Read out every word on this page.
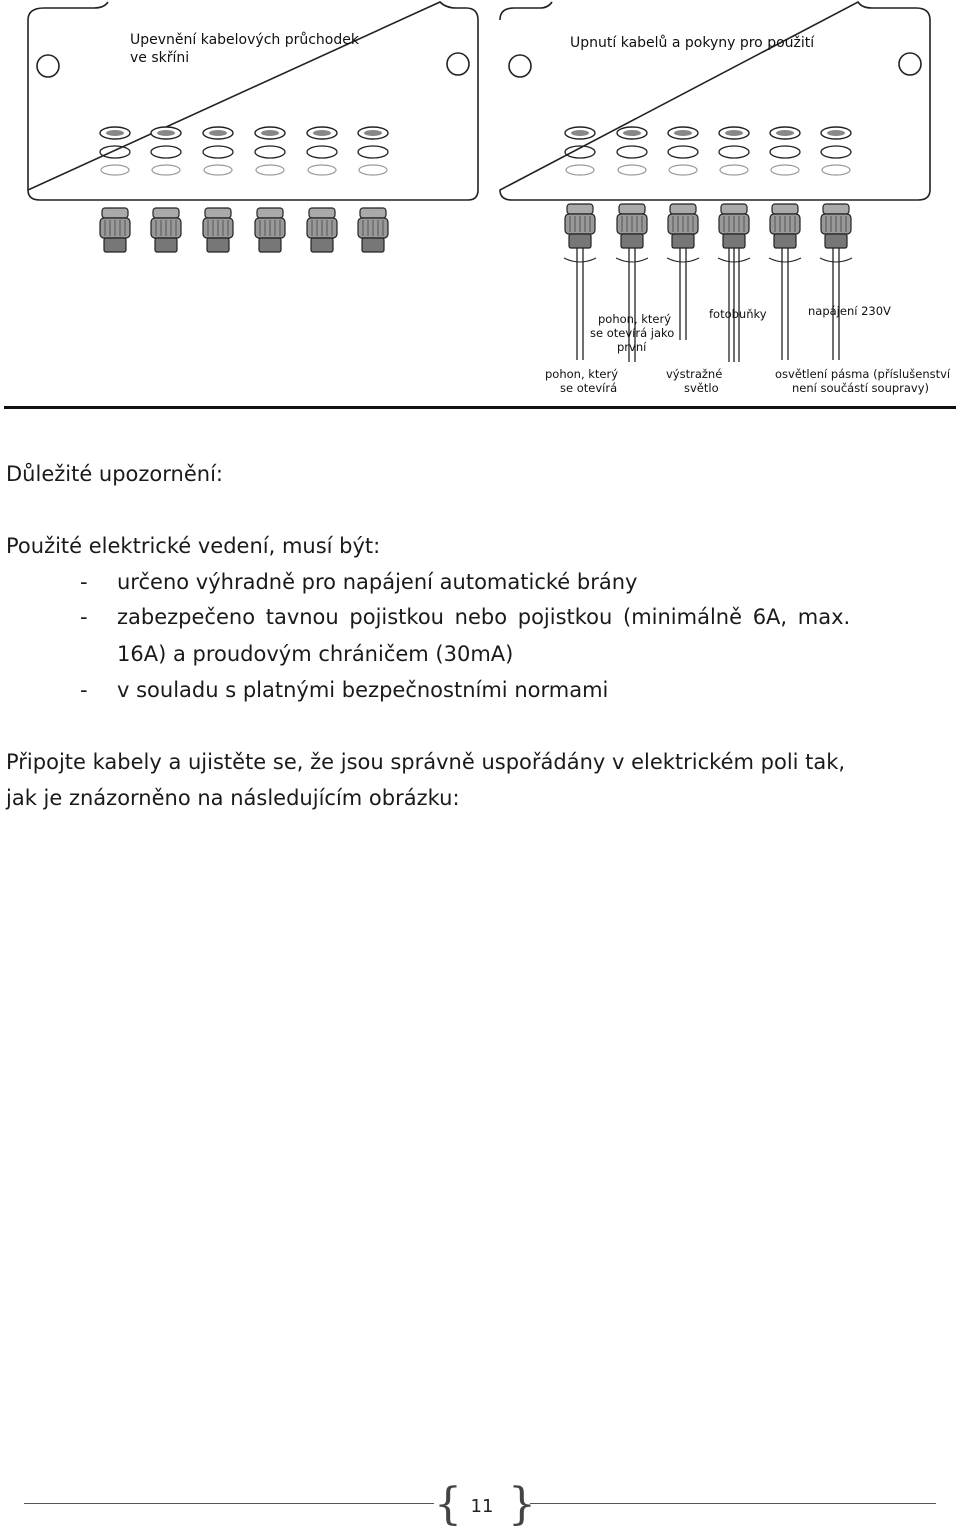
Upevnění kabelových průchodek
ve skříni
Upnutí kabelů a pokyny pro použití
pohon, který
se otevírá jako
první
fotobuňky	napájení 230V
pohon, který
se otevírá
výstražné
světlo
osvětlení pásma (příslušenství
není součástí soupravy)
Důležité upozornění:
Použité elektrické vedení, musí být:
- určeno výhradně pro napájení automatické brány
- zabezpečeno tavnou pojistkou nebo pojistkou (minimálně 6A, max.
16A) a proudovým chráničem (30mA)
- v souladu s platnými bezpečnostními normami
Připojte kabely a ujistěte se, že jsou správně uspořádány v elektrickém poli tak,
jak je znázorněno na následujícím obrázku:
{ }
11
